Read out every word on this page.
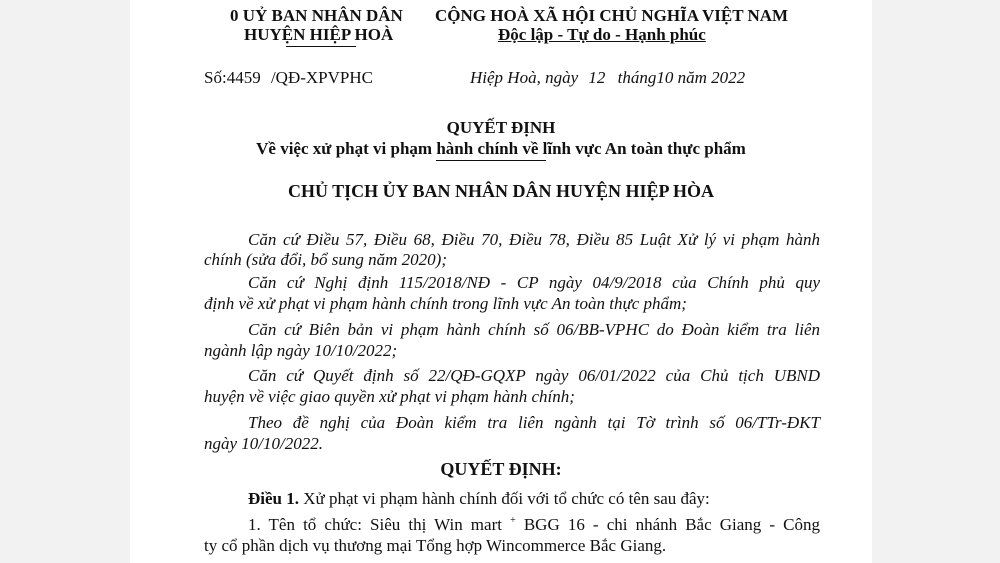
0 UỶ BAN NHÂN DÂN
HUYỆN HIỆP HOÀ
CỘNG HOÀ XÃ HỘI CHỦ NGHĨA VIỆT NAM
Độc lập - Tự do - Hạnh phúc
Số:4459 /QĐ-XPVPHC	Hiệp Hoà, ngày 12 tháng10 năm 2022
QUYẾT ĐỊNH
Về việc xử phạt vi phạm hành chính về lĩnh vực An toàn thực phẩm
CHỦ TỊCH ỦY BAN NHÂN DÂN HUYỆN HIỆP HÒA
Căn cứ Điều 57, Điều 68, Điều 70, Điều 78, Điều 85 Luật Xử lý vi phạm hành
chính (sửa đổi, bổ sung năm 2020);
Căn cứ Nghị định 115/2018/NĐ - CP ngày 04/9/2018 của Chính phủ quy
định về xử phạt vi phạm hành chính trong lĩnh vực An toàn thực phẩm;
Căn cứ Biên bản vi phạm hành chính số 06/BB-VPHC do Đoàn kiểm tra liên
ngành lập ngày 10/10/2022;
Căn cứ Quyết định số 22/QĐ-GQXP ngày 06/01/2022 của Chủ tịch UBND
huyện về việc giao quyền xử phạt vi phạm hành chính;
Theo đề nghị của Đoàn kiểm tra liên ngành tại Tờ trình số 06/TTr-ĐKT
ngày 10/10/2022.
QUYẾT ĐỊNH:
Điều 1. Xử phạt vi phạm hành chính đối với tổ chức có tên sau đây:
1. Tên tổ chức: Siêu thị Win mart + BGG 16 - chi nhánh Bắc Giang - Công
ty cổ phần dịch vụ thương mại Tổng hợp Wincommerce Bắc Giang.
